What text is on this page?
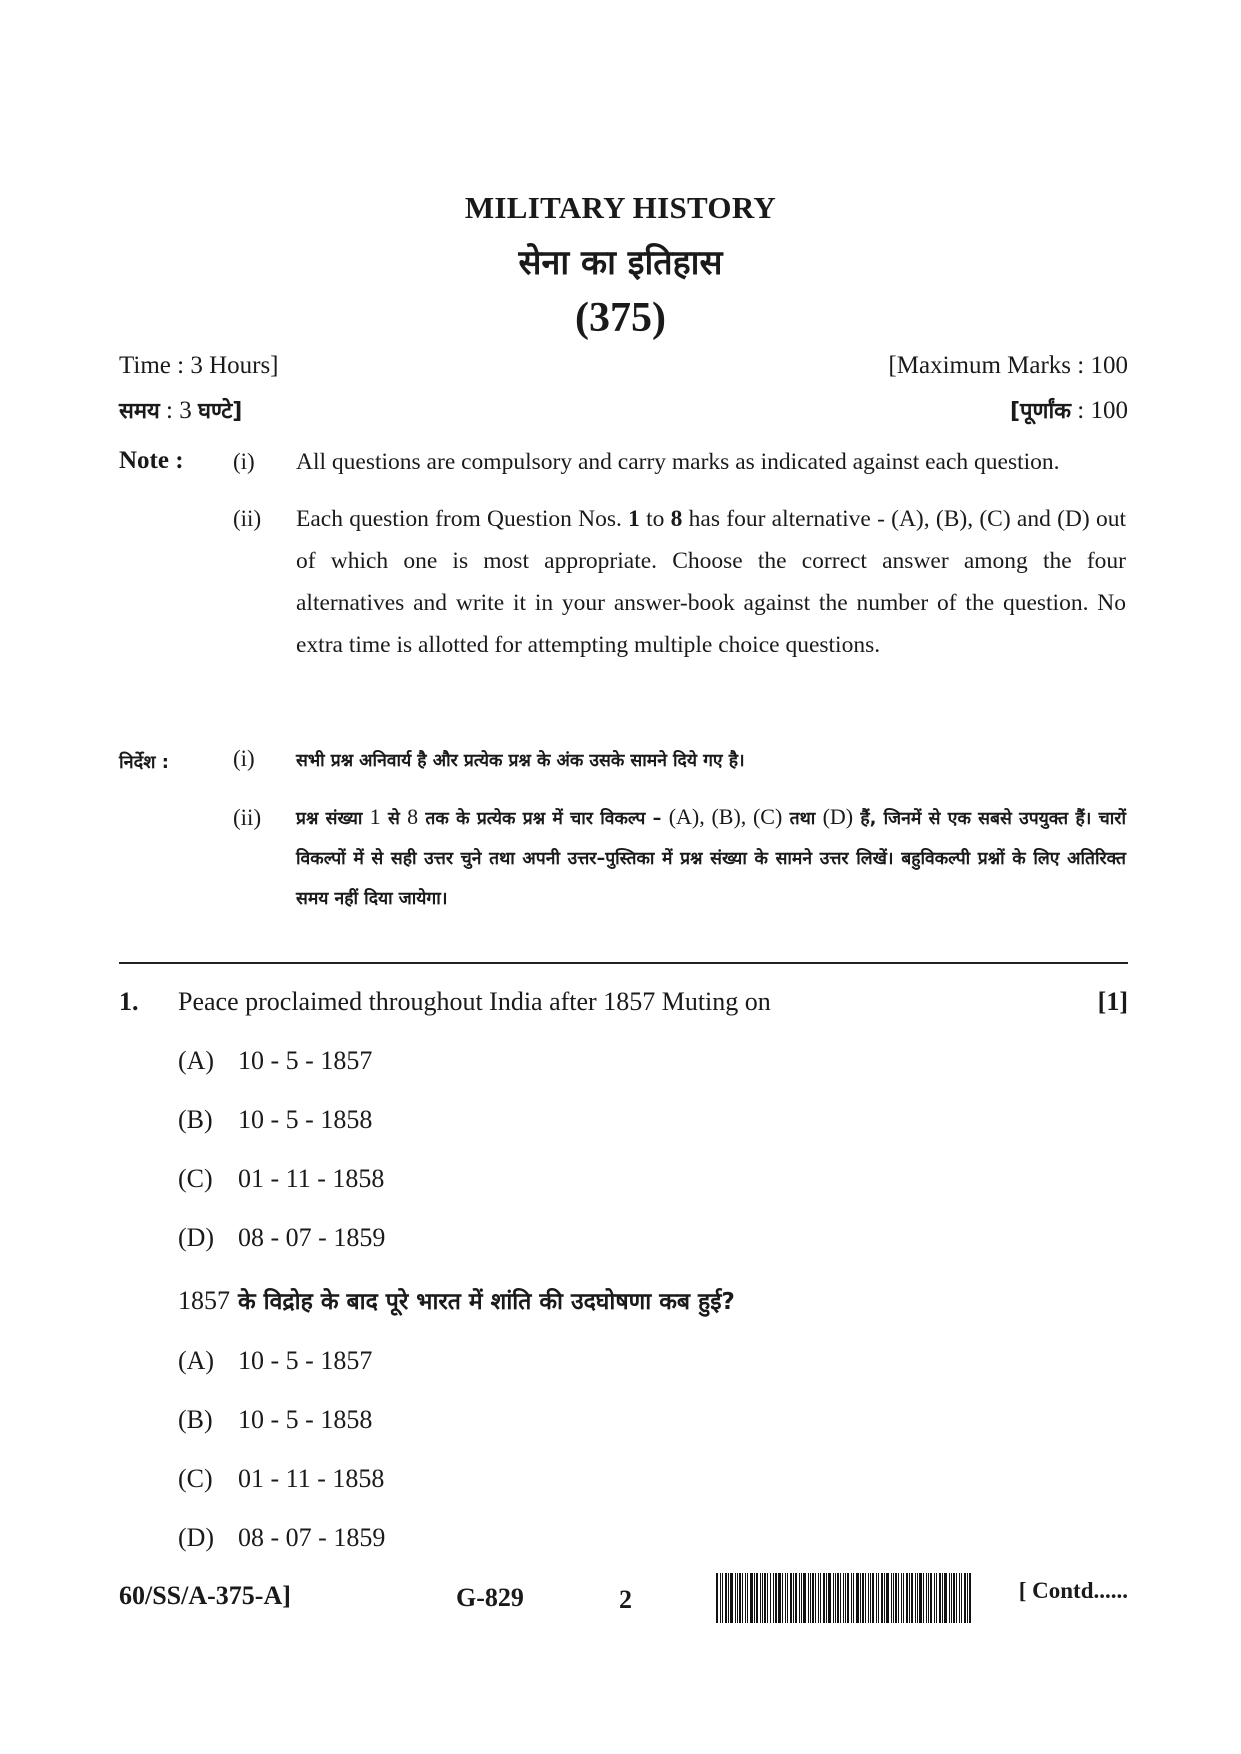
MILITARY HISTORY
सेना का इतिहास
(375)
Time : 3 Hours]	[Maximum Marks : 100
समय : 3 घण्टे]	[पूर्णांक : 100
Note : (i) All questions are compulsory and carry marks as indicated against each question.
(ii) Each question from Question Nos. 1 to 8 has four alternative - (A), (B), (C) and (D) out of which one is most appropriate. Choose the correct answer among the four alternatives and write it in your answer-book against the number of the question. No extra time is allotted for attempting multiple choice questions.
निर्देश :	(i) सभी प्रश्न अनिवार्य है और प्रत्येक प्रश्न के अंक उसके सामने दिये गए है।
(ii) प्रश्न संख्या 1 से 8 तक के प्रत्येक प्रश्न में चार विकल्प – (A), (B), (C) तथा (D) हैं, जिनमें से एक सबसे उपयुक्त हैं। चारों विकल्पों में से सही उत्तर चुने तथा अपनी उत्तर–पुस्तिका में प्रश्न संख्या के सामने उत्तर लिखें। बहुविकल्पी प्रश्नों के लिए अतिरिक्त समय नहीं दिया जायेगा।
1. Peace proclaimed throughout India after 1857 Muting on	[1]
(A) 10 - 5 - 1857
(B) 10 - 5 - 1858
(C) 01 - 11 - 1858
(D) 08 - 07 - 1859
1857 के विद्रोह के बाद पूरे भारत में शांति की उदघोषणा कब हुई?
(A) 10 - 5 - 1857
(B) 10 - 5 - 1858
(C) 01 - 11 - 1858
(D) 08 - 07 - 1859
60/SS/A-375-A]	G-829	2	[ Contd......
